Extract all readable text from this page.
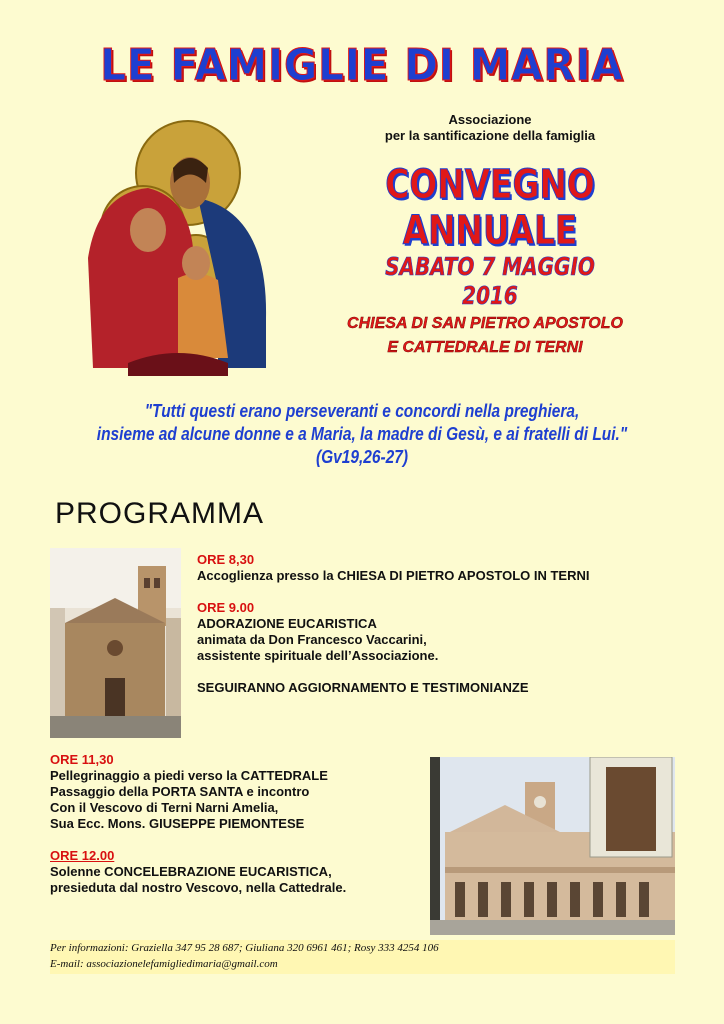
LE FAMIGLIE DI MARIA
Associazione
per la santificazione della famiglia
CONVEGNO ANNUALE
SABATO 7 MAGGIO 2016
CHIESA DI SAN PIETRO APOSTOLO
E CATTEDRALE DI TERNI
"Tutti questi erano perseveranti e concordi nella preghiera,
insieme ad alcune donne e a Maria, la madre di Gesù, e ai fratelli di Lui." (Gv19,26-27)
PROGRAMMA
ORE 8,30
Accoglienza presso la CHIESA DI PIETRO APOSTOLO IN TERNI
ORE 9.00
ADORAZIONE EUCARISTICA
animata da Don Francesco Vaccarini,
assistente spirituale dell’Associazione.
SEGUIRANNO AGGIORNAMENTO E TESTIMONIANZE
ORE 11,30
Pellegrinaggio a piedi verso la CATTEDRALE
Passaggio della PORTA SANTA e incontro
Con il Vescovo di Terni Narni Amelia,
Sua Ecc. Mons. GIUSEPPE PIEMONTESE
ORE 12.00
Solenne CONCELEBRAZIONE EUCARISTICA,
presieduta dal nostro Vescovo, nella Cattedrale.
Per informazioni: Graziella 347 95 28 687; Giuliana 320 6961 461; Rosy 333 4254 106
E-mail: associazionelefamigliedimaria@gmail.com
